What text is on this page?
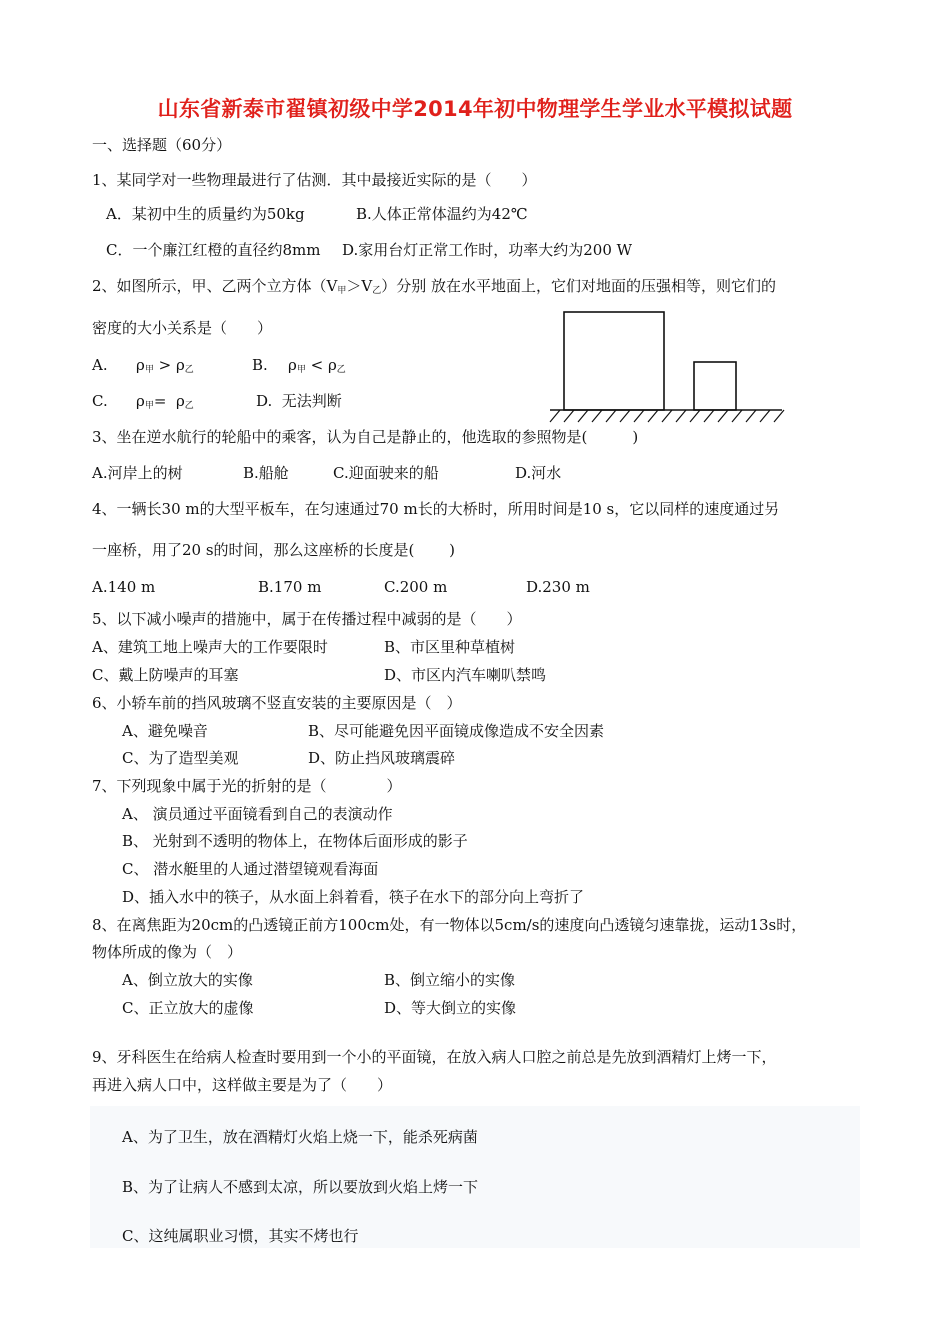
山东省新泰市翟镇初级中学2014年初中物理学生学业水平模拟试题
一、选择题（60分）
1、某同学对一些物理最进行了估测．其中最接近实际的是（　　）
A．某初中生的质量约为50kg	B.人体正常体温约为42℃
C．一个廉江红橙的直径约8mm D.家用台灯正常工作时，功率大约为200 W
2、如图所示，甲、乙两个立方体$(V_甲>V_乙)$分别 放在水平地面上，它们对地面的压强相等，则它们的
密度的大小关系是（　　）
A. $\rho_甲 > \rho_乙$	B. $\rho_甲 < \rho_乙$
C. $\rho_甲= \rho_乙$	D.  无法判断
3、坐在逆水航行的轮船中的乘客，认为自己是静止的，他选取的参照物是(　　　)
A.河岸上的树	B.船舱	C.迎面驶来的船	D.河水
4、一辆长30 m的大型平板车，在匀速通过70 m长的大桥时，所用时间是10 s，它以同样的速度通过另
一座桥，用了20 s的时间，那么这座桥的长度是(　　 )
A.140 m	B.170 m	C.200 m	D.230 m
5、以下减小噪声的措施中，属于在传播过程中减弱的是（　　）
A、建筑工地上噪声大的工作要限时	B、市区里种草植树
C、戴上防噪声的耳塞	D、市区内汽车喇叭禁鸣
6、小轿车前的挡风玻璃不竖直安装的主要原因是（　）
A、避免噪音	B、尽可能避免因平面镜成像造成不安全因素
C、为了造型美观	D、防止挡风玻璃震碎
7、下列现象中属于光的折射的是（　　　　）
A、 演员通过平面镜看到自己的表演动作
B、 光射到不透明的物体上，在物体后面形成的影子
C、 潜水艇里的人通过潜望镜观看海面
D、插入水中的筷子，从水面上斜着看，筷子在水下的部分向上弯折了
8、在离焦距为20cm的凸透镜正前方100cm处，有一物体以5cm/s的速度向凸透镜匀速靠拢，运动13s时，
物体所成的像为（　）
A、倒立放大的实像	B、倒立缩小的实像
C、正立放大的虚像	D、等大倒立的实像
9、牙科医生在给病人检查时要用到一个小的平面镜，在放入病人口腔之前总是先放到酒精灯上烤一下，
再进入病人口中，这样做主要是为了（　　）
A、为了卫生，放在酒精灯火焰上烧一下，能杀死病菌
B、为了让病人不感到太凉，所以要放到火焰上烤一下
C、这纯属职业习惯，其实不烤也行
